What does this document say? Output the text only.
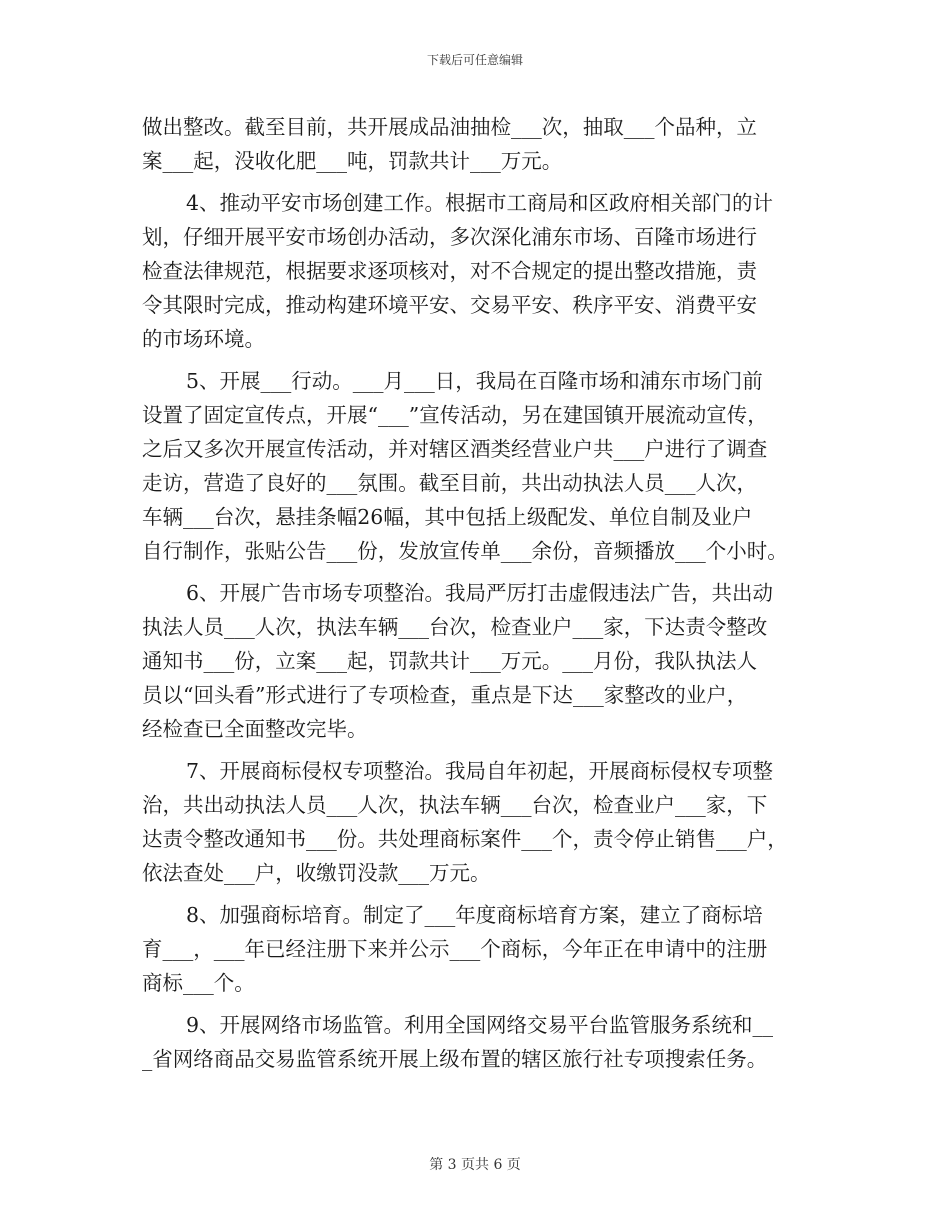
下载后可任意编辑
做出整改。截至目前，共开展成品油抽检___次，抽取___个品种，立
案___起，没收化肥___吨，罚款共计___万元。
4、推动平安市场创建工作。根据市工商局和区政府相关部门的计
划，仔细开展平安市场创办活动，多次深化浦东市场、百隆市场进行
检查法律规范，根据要求逐项核对，对不合规定的提出整改措施，责
令其限时完成，推动构建环境平安、交易平安、秩序平安、消费平安
的市场环境。
5、开展___行动。___月___日，我局在百隆市场和浦东市场门前
设置了固定宣传点，开展“___”宣传活动，另在建国镇开展流动宣传，
之后又多次开展宣传活动，并对辖区酒类经营业户共___户进行了调查
走访，营造了良好的___氛围。截至目前，共出动执法人员___人次，
车辆___台次，悬挂条幅26幅，其中包括上级配发、单位自制及业户
自行制作，张贴公告___份，发放宣传单___余份，音频播放___个小时。
6、开展广告市场专项整治。我局严厉打击虚假违法广告，共出动
执法人员___人次，执法车辆___台次，检查业户___家，下达责令整改
通知书___份，立案___起，罚款共计___万元。___月份，我队执法人
员以“回头看”形式进行了专项检查，重点是下达___家整改的业户，
经检查已全面整改完毕。
7、开展商标侵权专项整治。我局自年初起，开展商标侵权专项整
治，共出动执法人员___人次，执法车辆___台次，检查业户___家，下
达责令整改通知书___份。共处理商标案件___个，责令停止销售___户，
依法查处___户，收缴罚没款___万元。
8、加强商标培育。制定了___年度商标培育方案，建立了商标培
育___，___年已经注册下来并公示___个商标，今年正在申请中的注册
商标___个。
9、开展网络市场监管。利用全国网络交易平台监管服务系统和__
_省网络商品交易监管系统开展上级布置的辖区旅行社专项搜索任务。
第 3 页共 6 页
